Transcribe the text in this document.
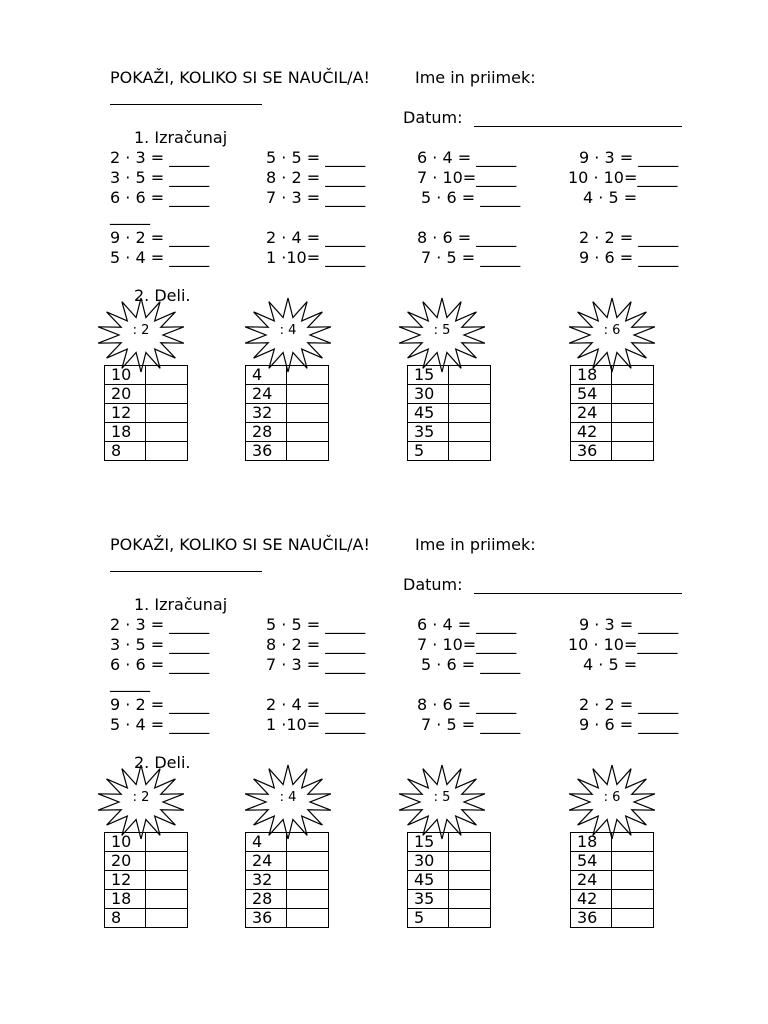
POKAŽI, KOLIKO SI SE NAUČIL/A!	Ime in priimek:
Datum:
1. Izračunaj
2 · 3 = _____
3 · 5 = _____
6 · 6 = _____
9 · 2 = _____
5 · 4 = _____
5 · 5 = _____
8 · 2 = _____
7 · 3 = _____
2 · 4 = _____
1 ·10= _____
6 · 4 = _____
7 · 10=_____
5 · 6 = _____
8 · 6 = _____
7 · 5 = _____
9 · 3 = _____
10 · 10=_____
4 · 5 =
2 · 2 = _____
9 · 6 = _____
_____
2. Deli.
: 2
10	
20	
12	
18	
8	
: 4
4	
24	
32	
28	
36	
: 5
15	
30	
45	
35	
5	
: 6
18	
54	
24	
42	
36	
POKAŽI, KOLIKO SI SE NAUČIL/A!	Ime in priimek:
Datum:
1. Izračunaj
2 · 3 = _____
3 · 5 = _____
6 · 6 = _____
9 · 2 = _____
5 · 4 = _____
5 · 5 = _____
8 · 2 = _____
7 · 3 = _____
2 · 4 = _____
1 ·10= _____
6 · 4 = _____
7 · 10=_____
5 · 6 = _____
8 · 6 = _____
7 · 5 = _____
9 · 3 = _____
10 · 10=_____
4 · 5 =
2 · 2 = _____
9 · 6 = _____
_____
2. Deli.
: 2
10	
20	
12	
18	
8	
: 4
4	
24	
32	
28	
36	
: 5
15	
30	
45	
35	
5	
: 6
18	
54	
24	
42	
36	
